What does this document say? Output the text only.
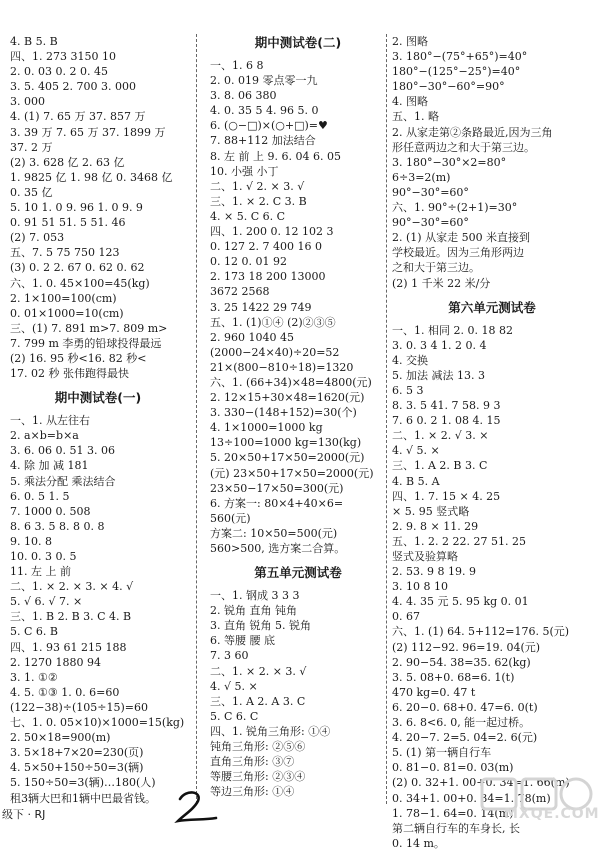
4. B 5. B
四、1. 273 3150 10
2. 0. 03 0. 2 0. 45
3. 5. 405 2. 700 3. 000
3. 000
4. (1) 7. 65 万 37. 857 万
3. 39 万 7. 65 万 37. 1899 万
37. 2 万
(2) 3. 628 亿 2. 63 亿
1. 9825 亿 1. 98 亿 0. 3468 亿
0. 35 亿
5. 10 1. 0 9. 96 1. 0 9. 9
0. 91 51 51. 5 51. 46
(2) 7. 053
五、7. 5 75 750 123
(3) 0. 2 2. 67 0. 62 0. 62
六、1. 0. 45×100=45(kg)
2. 1×100=100(cm)
0. 01×1000=10(cm)
三、(1) 7. 891 m>7. 809 m>
7. 799 m 李勇的铅球投得最远
(2) 16. 95 秒<16. 82 秒<
17. 02 秒 张伟跑得最快
期中测试卷(一)
一、1. 从左往右
2. a×b=b×a
3. 6. 06 0. 51 3. 06
4. 除 加 减 181
5. 乘法分配 乘法结合
6. 0. 5 1. 5
7. 1000 0. 508
8. 6 3. 5 8. 8 0. 8
9. 10. 8
10. 0. 3 0. 5
11. 左 上 前
二、1. × 2. × 3. × 4. √
5. √ 6. √ 7. ×
三、1. B 2. B 3. C 4. B
5. C 6. B
四、1. 93 61 215 188
2. 1270 1880 94
3. 1. ①②
4. 5. ①③ 1. 0. 6=60
(122−38)÷(105÷15)=60
七、1. 0. 05×10)×1000=15(kg)
2. 50×18=900(m)
3. 5×18+7×20=230(页)
4. 5×50+150÷50=3(辆)
5. 150÷50=3(辆)…180(人)
租3辆大巴和1辆中巴最省钱。
期中测试卷(二)
一、1. 6 8
2. 0. 019 零点零一九
3. 8. 06 380
4. 0. 35 5 4. 96 5. 0
6. (○−□)×(○+□)=♥
7. 88+112 加法结合
8. 左 前 上 9. 6. 04 6. 05
10. 小强 小丁
二、1. √ 2. × 3. √
三、1. × 2. C 3. B
4. × 5. C 6. C
四、1. 200 0. 12 102 3
0. 127 2. 7 400 16 0
0. 12 0. 01 92
2. 173 18 200 13000
3672 2568
3. 25 1422 29 749
五、1. (1)①④ (2)②③⑤
2. 960 1040 45
(2000−24×40)÷20=52
21×(800−810÷18)=1320
六、1. (66+34)×48=4800(元)
2. 12×15+30×48=1620(元)
3. 330−(148+152)=30(个)
4. 1×1000=1000 kg
13÷100=1000 kg=130(kg)
5. 20×50+17×50=2000(元)
(元) 23×50+17×50=2000(元)
23×50−17×50=300(元)
6. 方案一: 80×4+40×6=
560(元)
方案二: 10×50=500(元)
560>500, 选方案二合算。
第五单元测试卷
一、1. 钢成 3 3 3
2. 锐角 直角 钝角
3. 直角 锐角 5. 锐角
6. 等腰 腰 底
7. 3 60
二、1. × 2. × 3. √
4. √ 5. ×
三、1. A 2. A 3. C
5. C 6. C
四、1. 锐角三角形: ①④
钝角三角形: ②⑤⑥
直角三角形: ③⑦
等腰三角形: ②③④
等边三角形: ①④
2. 图略
3. 180°−(75°+65°)=40°
180°−(125°−25°)=40°
180°−30°−60°=90°
4. 图略
五、1. 略
2. 从家走第②条路最近,因为三角
形任意两边之和大于第三边。
3. 180°−30°×2=80°
6÷3=2(m)
90°−30°=60°
六、1. 90°÷(2+1)=30°
90°−30°=60°
2. (1) 从家走 500 米直接到
学校最近。因为三角形两边
之和大于第三边。
(2) 1 千米 22 米/分
第六单元测试卷
一、1. 相同 2. 0. 18 82
3. 0. 3 4 1. 2 0. 4
4. 交换
5. 加法 减法 13. 3
6. 5 3
8. 3. 5 41. 7 58. 9 3
7. 6 0. 2 1. 08 4. 15
二、1. × 2. √ 3. ×
4. √ 5. ×
三、1. A 2. B 3. C
4. B 5. A
四、1. 7. 15 × 4. 25
× 5. 95 竖式略
2. 9. 8 × 11. 29
五、1. 2. 2 22. 27 51. 25
竖式及验算略
2. 53. 9 8 19. 9
3. 10 8 10
4. 4. 35 元 5. 95 kg 0. 01
0. 67
六、1. (1) 64. 5+112=176. 5(元)
(2) 112−92. 96=19. 04(元)
2. 90−54. 38=35. 62(kg)
3. 5. 08+0. 68=6. 1(t)
470 kg=0. 47 t
6. 20−0. 68+0. 47=6. 0(t)
3. 6. 8<6. 0, 能一起过桥。
4. 20−7. 2=5. 04=2. 6(元)
5. (1) 第一辆自行车
0. 81−0. 81=0. 03(m)
(2) 0. 32+1. 00+0. 34=1. 66(m)
0. 34+1. 00+0. 34=1. 78(m)
1. 78−1. 64=0. 14(m)
第二辆自行车的车身长, 长
0. 14 m。
级下 · RJ	MXQE.COM
